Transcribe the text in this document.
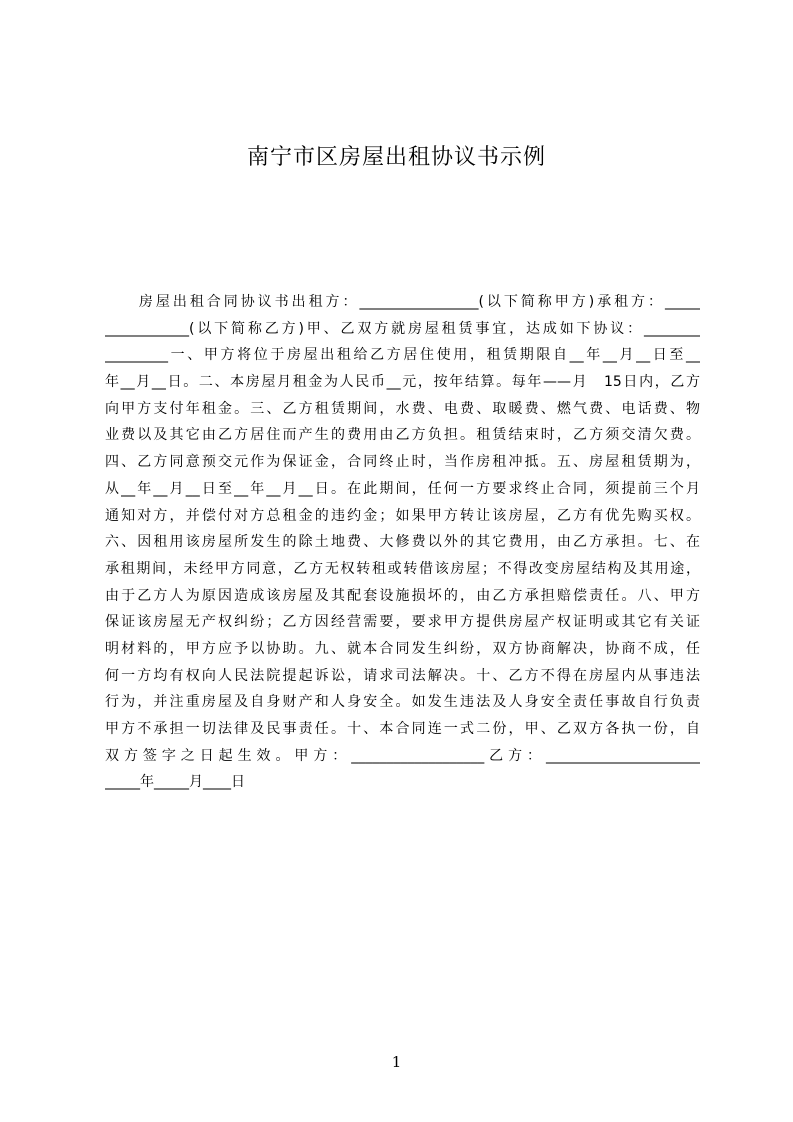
南宁市区房屋出租协议书示例
　　房屋出租合同协议书出租方：_________________(以下简称甲方)承租方：_____
____________(以下简称乙方)甲、乙双方就房屋租赁事宜，达成如下协议：________
_________一、甲方将位于房屋出租给乙方居住使用，租赁期限自__年__月__日至__
年__月__日。二、本房屋月租金为人民币__元，按年结算。每年——月　15日内，乙方
向甲方支付年租金。三、乙方租赁期间，水费、电费、取暖费、燃气费、电话费、物
业费以及其它由乙方居住而产生的费用由乙方负担。租赁结束时，乙方须交清欠费。
四、乙方同意预交元作为保证金，合同终止时，当作房租冲抵。五、房屋租赁期为，
从__年__月__日至__年__月__日。在此期间，任何一方要求终止合同，须提前三个月
通知对方，并偿付对方总租金的违约金；如果甲方转让该房屋，乙方有优先购买权。
六、因租用该房屋所发生的除土地费、大修费以外的其它费用，由乙方承担。七、在
承租期间，未经甲方同意，乙方无权转租或转借该房屋；不得改变房屋结构及其用途，
由于乙方人为原因造成该房屋及其配套设施损坏的，由乙方承担赔偿责任。八、甲方
保证该房屋无产权纠纷；乙方因经营需要，要求甲方提供房屋产权证明或其它有关证
明材料的，甲方应予以协助。九、就本合同发生纠纷，双方协商解决，协商不成，任
何一方均有权向人民法院提起诉讼，请求司法解决。十、乙方不得在房屋内从事违法
行为，并注重房屋及自身财产和人身安全。如发生违法及人身安全责任事故自行负责
甲方不承担一切法律及民事责任。十、本合同连一式二份，甲、乙双方各执一份，自
双方签字之日起生效。甲方：___________________乙方：______________________
_____年_____月____日
1
